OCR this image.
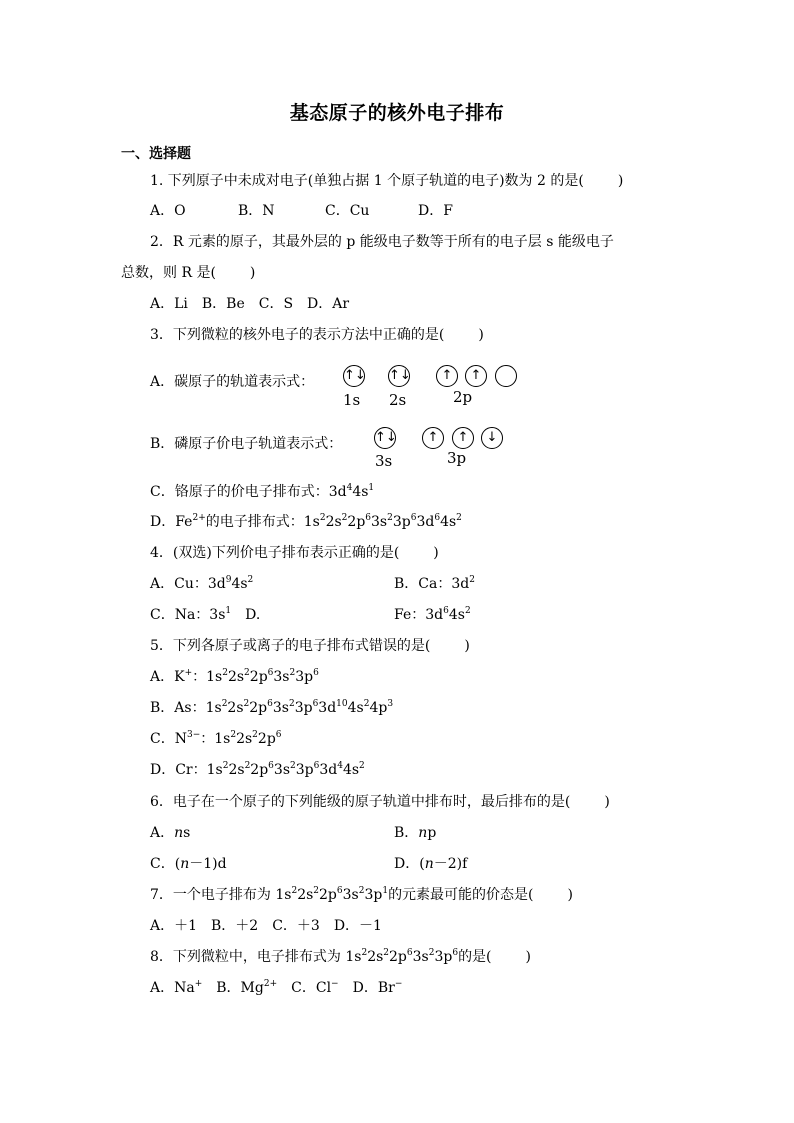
基态原子的核外电子排布
一、选择题
1. 下列原子中未成对电子(单独占据 1 个原子轨道的电子)数为 2 的是( )
A．O	B．N	C．Cu	D．F
2．R 元素的原子，其最外层的 p 能级电子数等于所有的电子层 s 能级电子
总数，则 R 是( )
A．Li　B．Be　C．S　D．Ar
3．下列微粒的核外电子的表示方法中正确的是( )
A．碳原子的轨道表示式： ↑↓ ↑↓	↑	↑
1s 2s	2p
B．磷原子价电子轨道表示式：	↑↓	↑	↑	↓
3s	3p
C．铬原子的价电子排布式：$3d^44s^1$
D．$Fe^{2+}$的电子排布式：$1s^22s^22p^63s^23p^63d^64s^2$
4．(双选)下列价电子排布表示正确的是( )
A．Cu：$3d^94s^2$	B．Ca：$3d^2$
C．Na：$3s^1$　D.	Fe：$3d^64s^2$
5．下列各原子或离子的电子排布式错误的是( )
A．K+：$1s^22s^22p^63s^23p^6$
B．As：$1s^22s^22p^63s^23p^63d^{10}4s^24p^3$
C．$N^{3-}$：$1s^22s^22p^6$
D．Cr：$1s^22s^22p^63s^23p^63d^44s^2$
6．电子在一个原子的下列能级的原子轨道中排布时，最后排布的是( )
A．ns	B．np
C．(n－1)d	D．(n－2)f
7．一个电子排布为 $1s^22s^22p^63s^23p^1$的元素最可能的价态是( )
A．＋1　B．＋2　C．＋3　D．－1
8．下列微粒中，电子排布式为 $1s^22s^22p^63s^23p^6$的是( )
A．Na+　B．$Mg^{2+}$　C．Cl−　D．Br−
